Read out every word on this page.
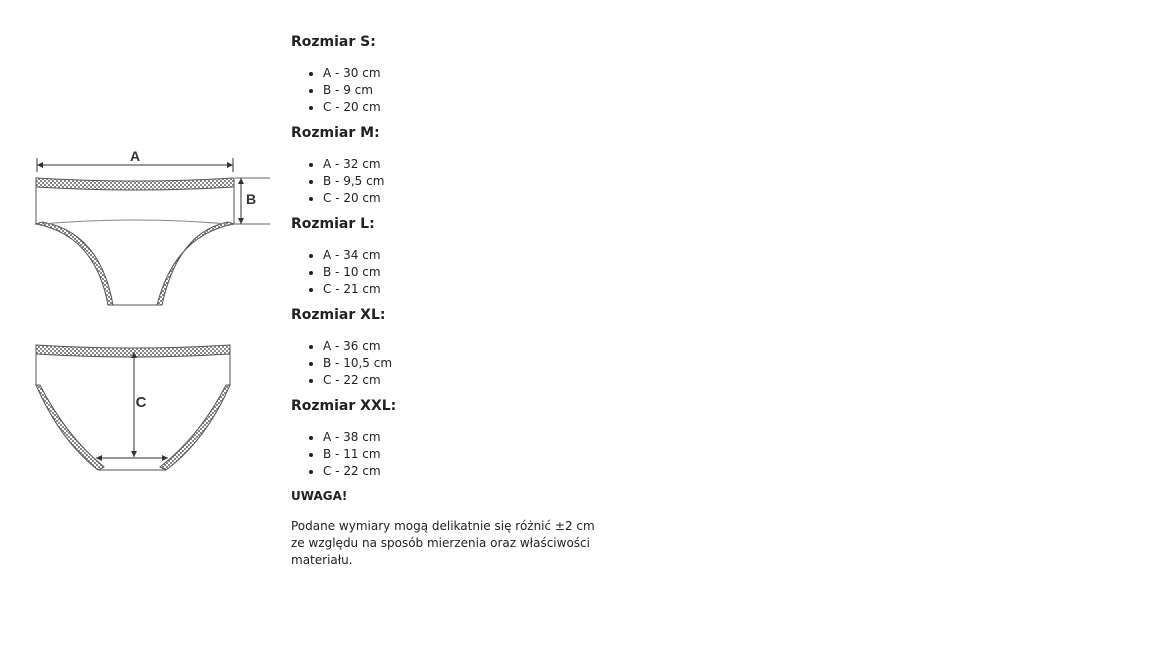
A
B
C
Rozmiar S:
• A - 30 cm
• B - 9 cm
• C - 20 cm
Rozmiar M:
• A - 32 cm
• B - 9,5 cm
• C - 20 cm
Rozmiar L:
• A - 34 cm
• B - 10 cm
• C - 21 cm
Rozmiar XL:
• A - 36 cm
• B - 10,5 cm
• C - 22 cm
Rozmiar XXL:
• A - 38 cm
• B - 11 cm
• C - 22 cm
UWAGA!

Podane wymiary mogą delikatnie się różnić ±2 cm ze względu na sposób mierzenia oraz właściwości materiału.
